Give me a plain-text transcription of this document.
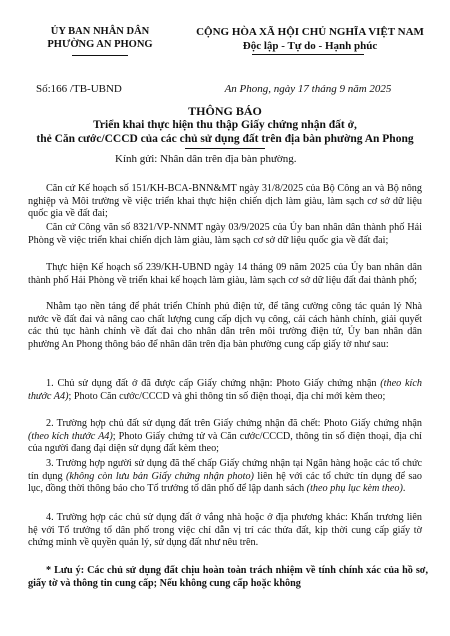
ỦY BAN NHÂN DÂN
PHƯỜNG AN PHONG
CỘNG HÒA XÃ HỘI CHỦ NGHĨA VIỆT NAM
Độc lập - Tự do - Hạnh phúc
Số:166 /TB-UBND	An Phong, ngày 17 tháng 9 năm 2025
THÔNG BÁO
Triển khai thực hiện thu thập Giấy chứng nhận đất ở,
thẻ Căn cước/CCCD của các chủ sử dụng đất trên địa bàn phường An Phong
Kính gửi: Nhân dân trên địa bàn phường.
Căn cứ Kế hoạch số 151/KH-BCA-BNN&MT ngày 31/8/2025 của Bộ Công an và Bộ nông nghiệp và Môi trường về việc triển khai thực hiện chiến dịch làm giàu, làm sạch cơ sở dữ liệu quốc gia về đất đai;
Căn cứ Công văn số 8321/VP-NNMT ngày 03/9/2025 của Ủy ban nhân dân thành phố Hải Phòng về việc triển khai chiến dịch làm giàu, làm sạch cơ sở dữ liệu quốc gia về đất đai;
Thực hiện Kế hoạch số 239/KH-UBND ngày 14 tháng 09 năm 2025 của Ủy ban nhân dân thành phố Hải Phòng về triển khai kế hoạch làm giàu, làm sạch cơ sở dữ liệu đất đai thành phố;
Nhằm tạo nền tảng để phát triển Chính phủ điện tử, để tăng cường công tác quản lý Nhà nước về đất đai và nâng cao chất lượng cung cấp dịch vụ công, cải cách hành chính, giải quyết các thủ tục hành chính về đất đai cho nhân dân trên môi trường điện tử, Ủy ban nhân dân phường An Phong thông báo để nhân dân trên địa bàn phường cung cấp giấy tờ như sau:
1. Chủ sử dụng đất ở đã được cấp Giấy chứng nhận: Photo Giấy chứng nhận (theo kích thước A4); Photo Căn cước/CCCD và ghi thông tin số điện thoại, địa chỉ mới kèm theo;
2. Trường hợp chủ đất sử dụng đất trên Giấy chứng nhận đã chết: Photo Giấy chứng nhận (theo kích thước A4); Photo Giấy chứng tử và Căn cước/CCCD, thông tin số điện thoại, địa chỉ của người đang đại diện sử dụng đất kèm theo;
3. Trường hợp người sử dụng đã thế chấp Giấy chứng nhận tại Ngân hàng hoặc các tổ chức tín dụng (không còn lưu bản Giấy chứng nhận photo) liên hệ với các tổ chức tín dụng để sao lục, đồng thời thông báo cho Tổ trưởng tổ dân phố để lập danh sách (theo phụ lục kèm theo).
4. Trường hợp các chủ sử dụng đất ở vắng nhà hoặc ở địa phương khác: Khẩn trương liên hệ với Tổ trưởng tổ dân phố trong việc chỉ dẫn vị trí các thửa đất, kịp thời cung cấp giấy tờ chứng minh về quyền quản lý, sử dụng đất như nêu trên.
* Lưu ý: Các chủ sử dụng đất chịu hoàn toàn trách nhiệm về tính chính xác của hồ sơ, giấy tờ và thông tin cung cấp; Nếu không cung cấp hoặc không
